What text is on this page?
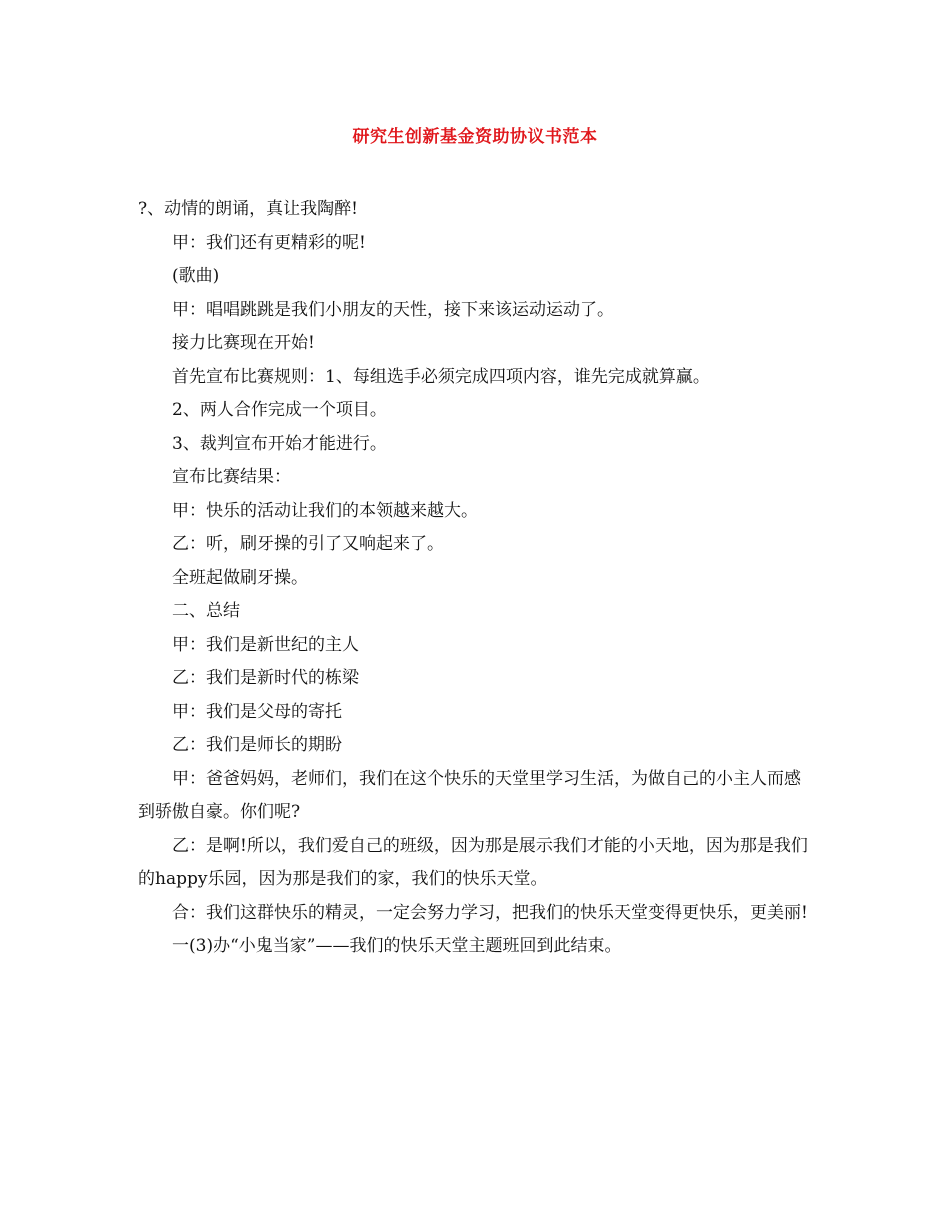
研究生创新基金资助协议书范本

?、动情的朗诵，真让我陶醉!

甲：我们还有更精彩的呢!

(歌曲)

甲：唱唱跳跳是我们小朋友的天性，接下来该运动运动了。

接力比赛现在开始!

首先宣布比赛规则：1、每组选手必须完成四项内容，谁先完成就算赢。

2、两人合作完成一个项目。

3、裁判宣布开始才能进行。

宣布比赛结果：

甲：快乐的活动让我们的本领越来越大。

乙：听，刷牙操的引了又响起来了。

全班起做刷牙操。

二、总结

甲：我们是新世纪的主人

乙：我们是新时代的栋梁

甲：我们是父母的寄托

乙：我们是师长的期盼

甲：爸爸妈妈，老师们，我们在这个快乐的天堂里学习生活，为做自己的小主人而感到骄傲自豪。你们呢?

乙：是啊!所以，我们爱自己的班级，因为那是展示我们才能的小天地，因为那是我们的happy乐园，因为那是我们的家，我们的快乐天堂。

合：我们这群快乐的精灵，一定会努力学习，把我们的快乐天堂变得更快乐，更美丽!

一(3)办“小鬼当家”——我们的快乐天堂主题班回到此结束。
